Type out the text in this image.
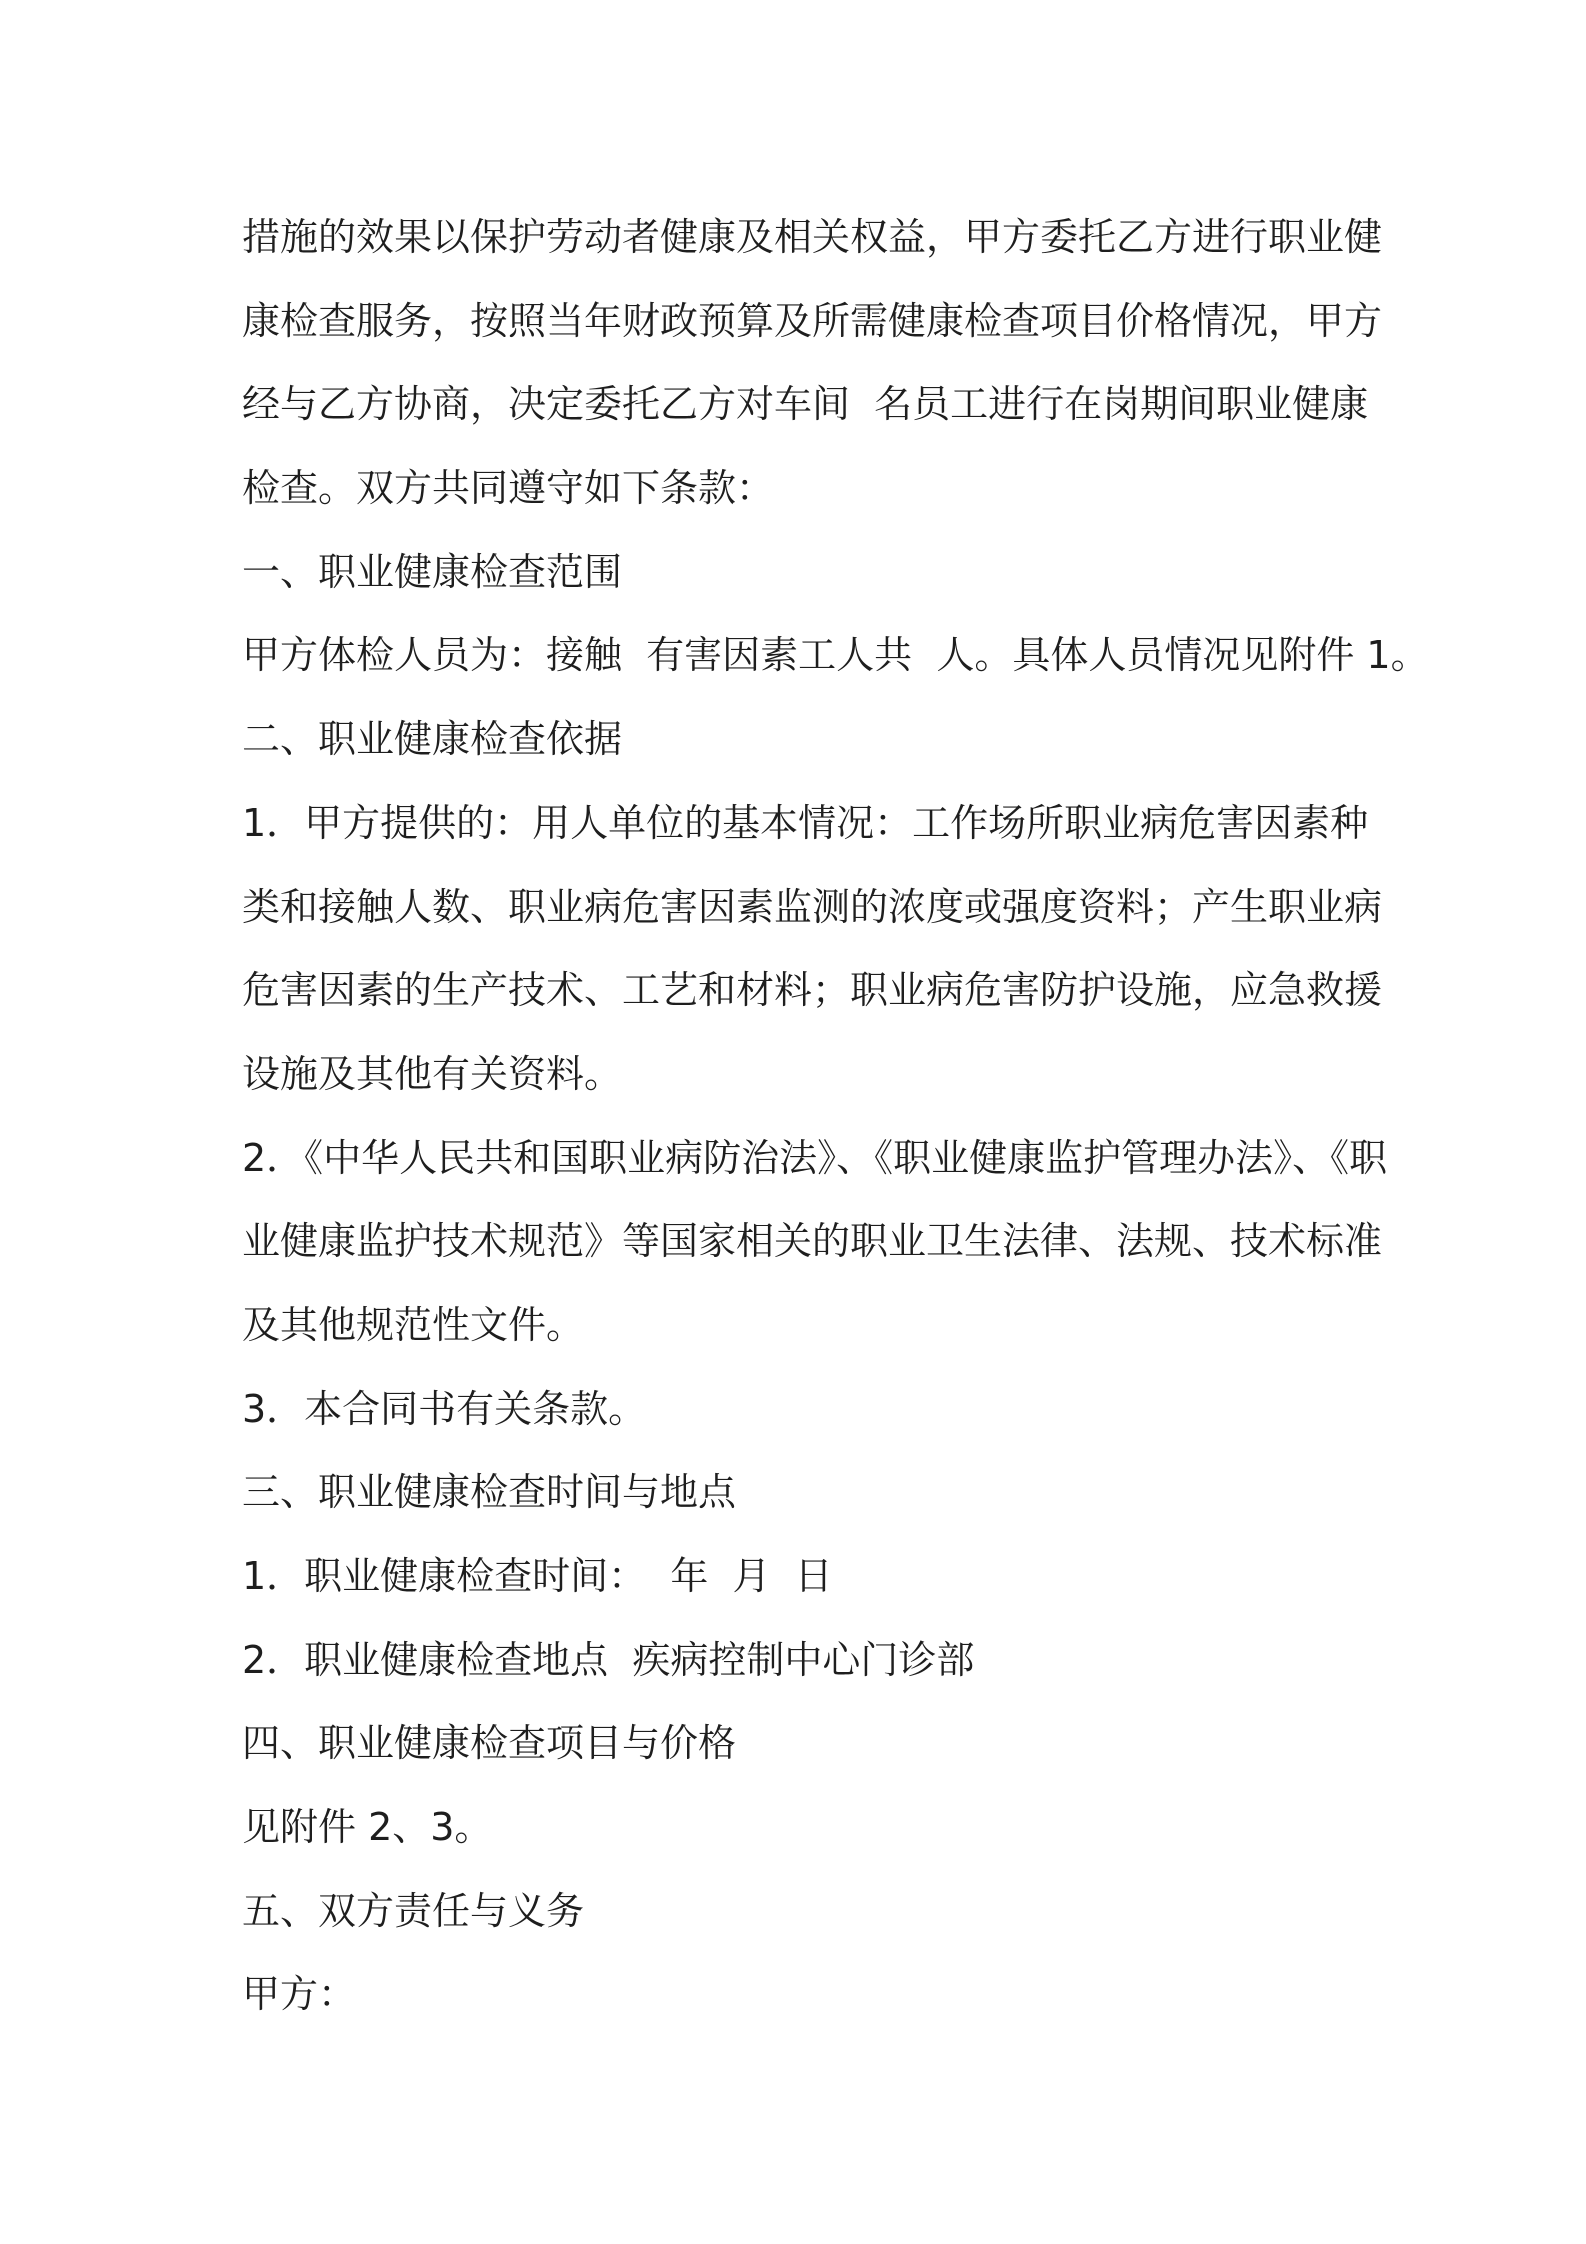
措施的效果以保护劳动者健康及相关权益，甲方委托乙方进行职业健
康检查服务，按照当年财政预算及所需健康检查项目价格情况，甲方
经与乙方协商，决定委托乙方对车间  名员工进行在岗期间职业健康
检查。双方共同遵守如下条款：
一、职业健康检查范围
甲方体检人员为：接触  有害因素工人共  人。具体人员情况见附件 1。
二、职业健康检查依据
1．甲方提供的：用人单位的基本情况：工作场所职业病危害因素种
类和接触人数、职业病危害因素监测的浓度或强度资料；产生职业病
危害因素的生产技术、工艺和材料；职业病危害防护设施，应急救援
设施及其他有关资料。
2．《中华人民共和国职业病防治法》、《职业健康监护管理办法》、《职
业健康监护技术规范》等国家相关的职业卫生法律、法规、技术标准
及其他规范性文件。
3．本合同书有关条款。
三、职业健康检查时间与地点
1．职业健康检查时间：  年  月  日
2．职业健康检查地点  疾病控制中心门诊部
四、职业健康检查项目与价格
见附件 2、3。
五、双方责任与义务
甲方：
